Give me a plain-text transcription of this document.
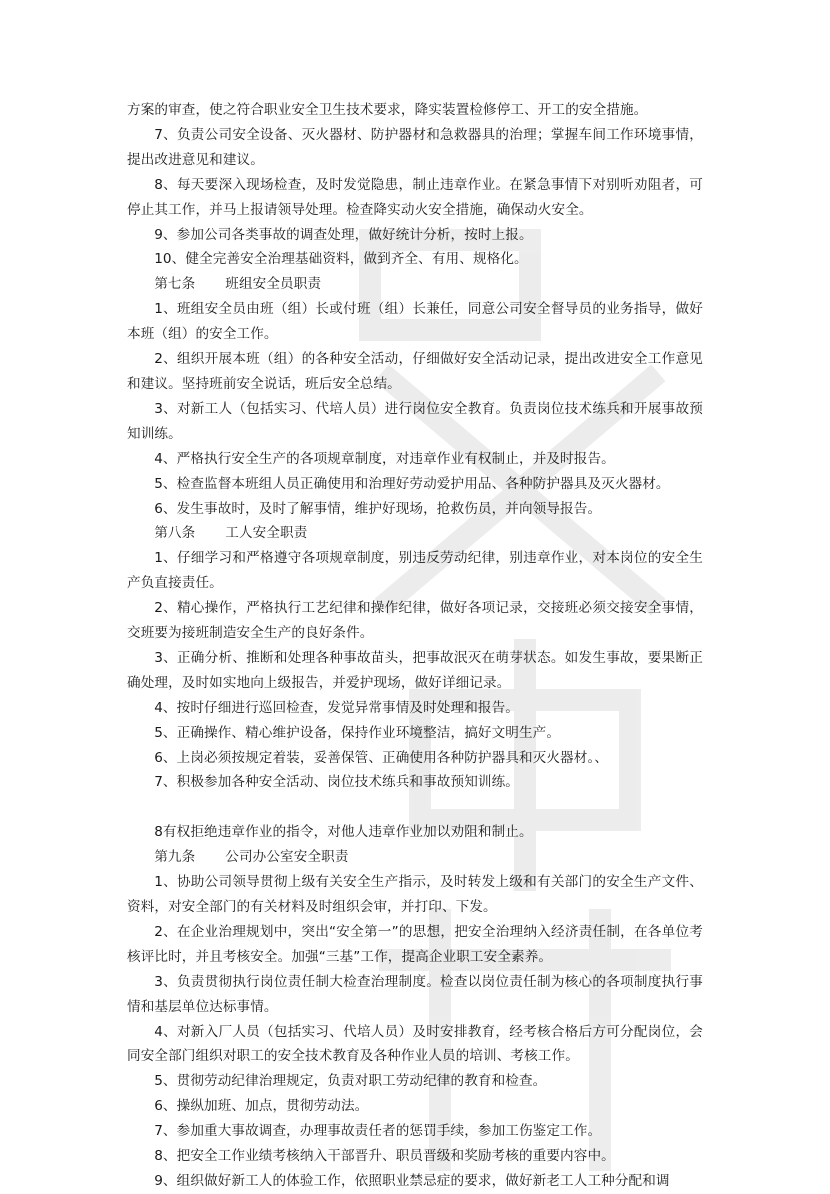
方案的审查，使之符合职业安全卫生技术要求，降实装置检修停工、开工的安全措施。

7、负责公司安全设备、灭火器材、防护器材和急救器具的治理；掌握车间工作环境事情，提出改进意见和建议。

8、每天要深入现场检查，及时发觉隐患，制止违章作业。在紧急事情下对别听劝阻者，可停止其工作，并马上报请领导处理。检查降实动火安全措施，确保动火安全。

9、参加公司各类事故的调查处理，做好统计分析，按时上报。

10、健全完善安全治理基础资料，做到齐全、有用、规格化。

第七条 班组安全员职责

1、班组安全员由班（组）长或付班（组）长兼任，同意公司安全督导员的业务指导，做好本班（组）的安全工作。

2、组织开展本班（组）的各种安全活动，仔细做好安全活动记录，提出改进安全工作意见和建议。坚持班前安全说话，班后安全总结。

3、对新工人（包括实习、代培人员）进行岗位安全教育。负责岗位技术练兵和开展事故预知训练。

4、严格执行安全生产的各项规章制度，对违章作业有权制止，并及时报告。

5、检查监督本班组人员正确使用和治理好劳动爱护用品、各种防护器具及灭火器材。

6、发生事故时，及时了解事情，维护好现场，抢救伤员，并向领导报告。

第八条 工人安全职责

1、仔细学习和严格遵守各项规章制度，别违反劳动纪律，别违章作业，对本岗位的安全生产负直接责任。

2、精心操作，严格执行工艺纪律和操作纪律，做好各项记录，交接班必须交接安全事情，交班要为接班制造安全生产的良好条件。

3、正确分析、推断和处理各种事故苗头，把事故泯灭在萌芽状态。如发生事故，要果断正确处理，及时如实地向上级报告，并爱护现场，做好详细记录。

4、按时仔细进行巡回检查，发觉异常事情及时处理和报告。

5、正确操作、精心维护设备，保持作业环境整洁，搞好文明生产。

6、上岗必须按规定着装，妥善保管、正确使用各种防护器具和灭火器材。、

7、积极参加各种安全活动、岗位技术练兵和事故预知训练。

8有权拒绝违章作业的指令，对他人违章作业加以劝阻和制止。

第九条 公司办公室安全职责

1、协助公司领导贯彻上级有关安全生产指示，及时转发上级和有关部门的安全生产文件、资料，对安全部门的有关材料及时组织会审，并打印、下发。

2、在企业治理规划中，突出“安全第一”的思想，把安全治理纳入经济责任制，在各单位考核评比时，并且考核安全。加强“三基”工作，提高企业职工安全素养。

3、负责贯彻执行岗位责任制大检查治理制度。检查以岗位责任制为核心的各项制度执行事情和基层单位达标事情。

4、对新入厂人员（包括实习、代培人员）及时安排教育，经考核合格后方可分配岗位，会同安全部门组织对职工的安全技术教育及各种作业人员的培训、考核工作。

5、贯彻劳动纪律治理规定，负责对职工劳动纪律的教育和检查。

6、操纵加班、加点，贯彻劳动法。

7、参加重大事故调查，办理事故责任者的惩罚手续，参加工伤鉴定工作。

8、把安全工作业绩考核纳入干部晋升、职员晋级和奖励考核的重要内容中。

9、组织做好新工人的体验工作，依照职业禁忌症的要求，做好新老工人工种分配和调
